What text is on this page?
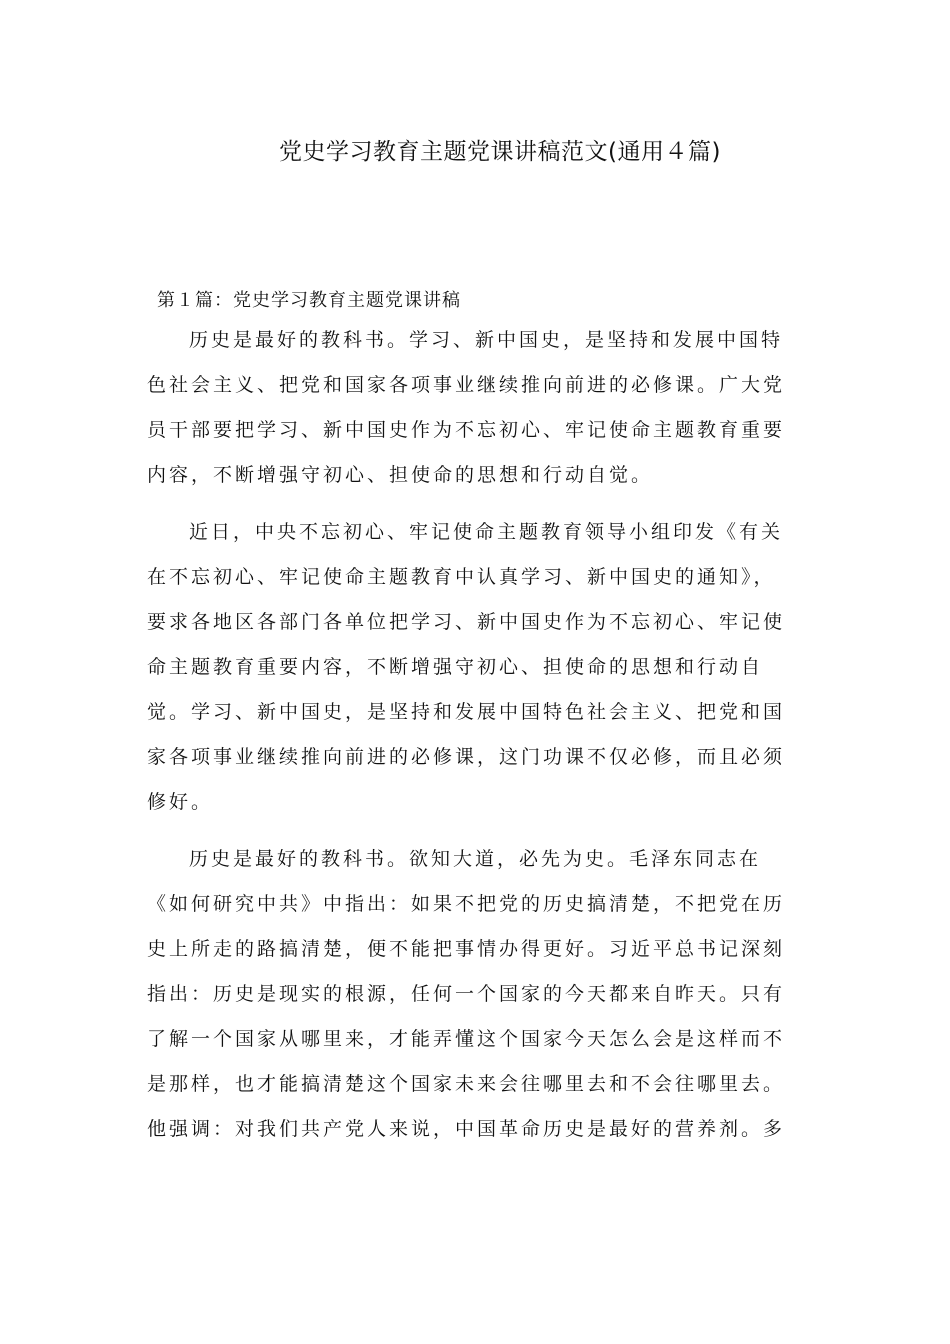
党史学习教育主题党课讲稿范文(通用４篇)
第１篇：党史学习教育主题党课讲稿
历史是最好的教科书。学习、新中国史，是坚持和发展中国特
色社会主义、把党和国家各项事业继续推向前进的必修课。广大党
员干部要把学习、新中国史作为不忘初心、牢记使命主题教育重要
内容，不断增强守初心、担使命的思想和行动自觉。
近日，中央不忘初心、牢记使命主题教育领导小组印发《有关
在不忘初心、牢记使命主题教育中认真学习、新中国史的通知》，
要求各地区各部门各单位把学习、新中国史作为不忘初心、牢记使
命主题教育重要内容，不断增强守初心、担使命的思想和行动自
觉。学习、新中国史，是坚持和发展中国特色社会主义、把党和国
家各项事业继续推向前进的必修课，这门功课不仅必修，而且必须
修好。
历史是最好的教科书。欲知大道，必先为史。毛泽东同志在
《如何研究中共》中指出：如果不把党的历史搞清楚，不把党在历
史上所走的路搞清楚，便不能把事情办得更好。习近平总书记深刻
指出：历史是现实的根源，任何一个国家的今天都来自昨天。只有
了解一个国家从哪里来，才能弄懂这个国家今天怎么会是这样而不
是那样，也才能搞清楚这个国家未来会往哪里去和不会往哪里去。
他强调：对我们共产党人来说，中国革命历史是最好的营养剂。多
